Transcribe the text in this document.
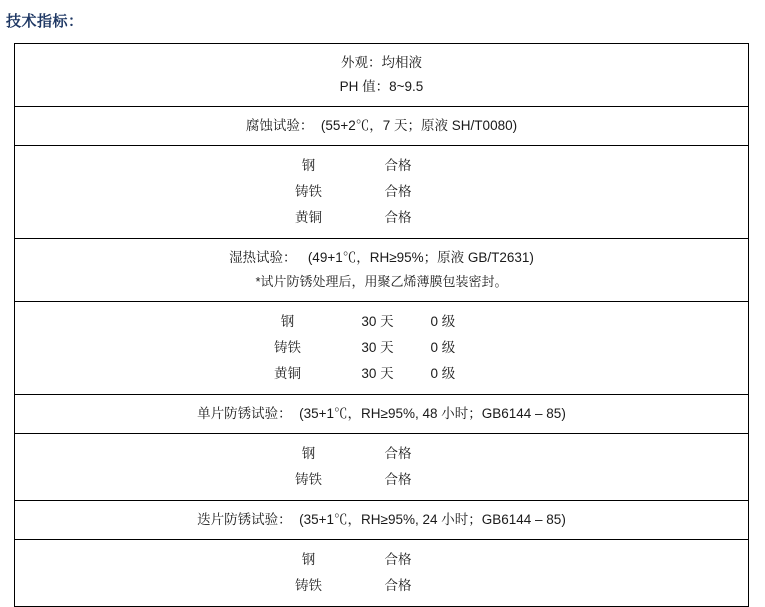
技术指标：
外观：均相液
PH 值：8~9.5

腐蚀试验：  (55+2℃，7 天；原液 SH/T0080)

钢	合格
铸铁	合格
黄铜	合格

湿热试验：   (49+1℃，RH≥95%；原液 GB/T2631)
*试片防锈处理后，用聚乙烯薄膜包装密封。

钢	30 天	0 级
铸铁	30 天	0 级
黄铜	30 天	0 级

单片防锈试验：  (35+1℃，RH≥95%, 48 小时；GB6144 – 85)

钢	合格
铸铁	合格

迭片防锈试验：  (35+1℃，RH≥95%, 24 小时；GB6144 – 85)

钢	合格
铸铁	合格
